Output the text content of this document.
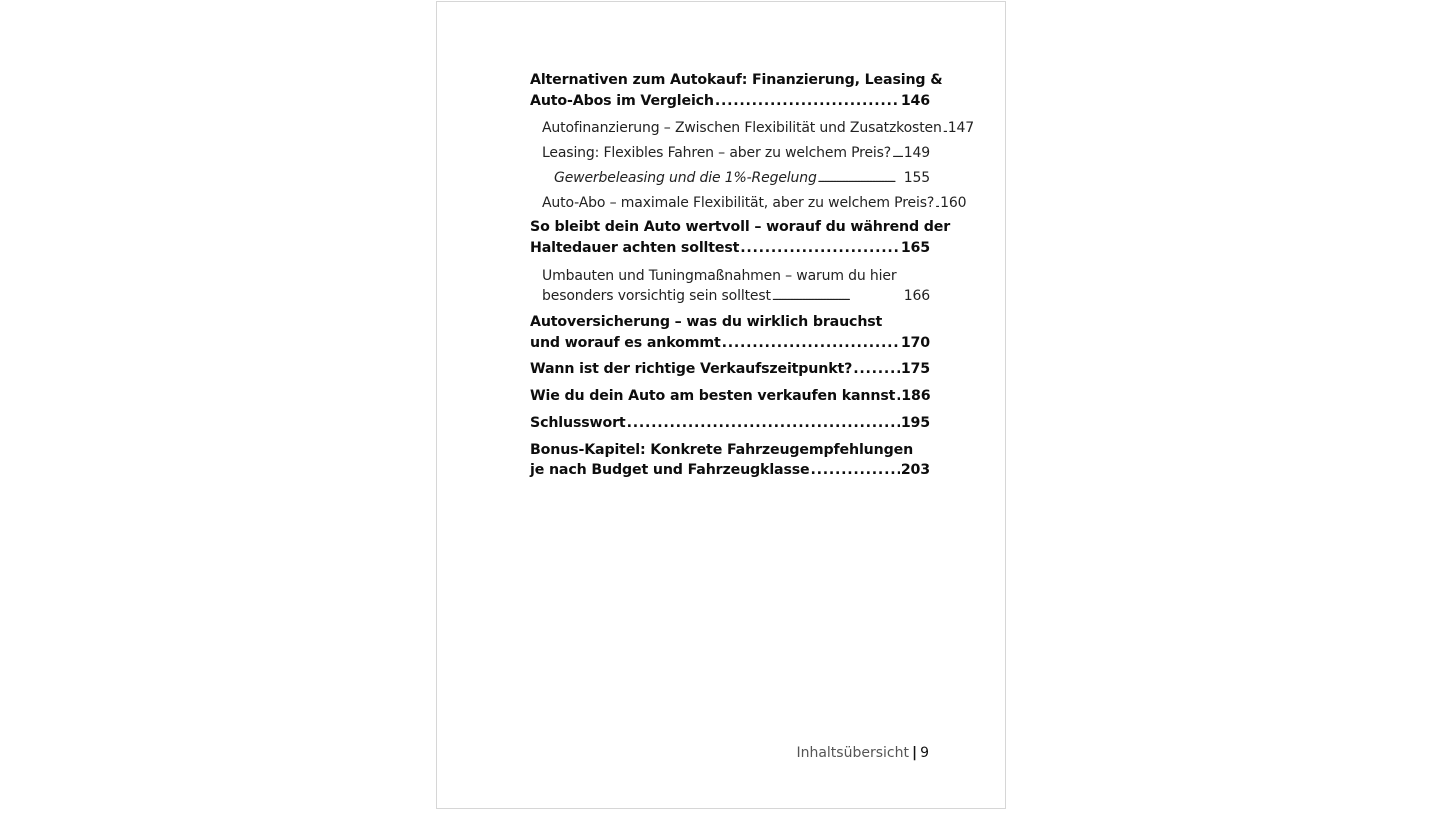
Alternativen zum Autokauf: Finanzierung, Leasing &
Auto-Abos im Vergleich . . .	146
Autofinanzierung – Zwischen Flexibilität und Zusatzkosten . . . 147
Leasing: Flexibles Fahren – aber zu welchem Preis? . . . 149
Gewerbeleasing und die 1%-Regelung . . .	155
Auto-Abo – maximale Flexibilität, aber zu welchem Preis? . . . 160
So bleibt dein Auto wertvoll – worauf du während der
Haltedauer achten solltest . . .	165
Umbauten und Tuningmaßnahmen – warum du hier
besonders vorsichtig sein solltest . . .	166
Autoversicherung – was du wirklich brauchst
und worauf es ankommt . . .	170
Wann ist der richtige Verkaufszeitpunkt? . . .	175
Wie du dein Auto am besten verkaufen kannst . . . 186
Schlusswort . . .	195
Bonus-Kapitel: Konkrete Fahrzeugempfehlungen
je nach Budget und Fahrzeugklasse . . .	203
Inhaltsübersicht | 9
